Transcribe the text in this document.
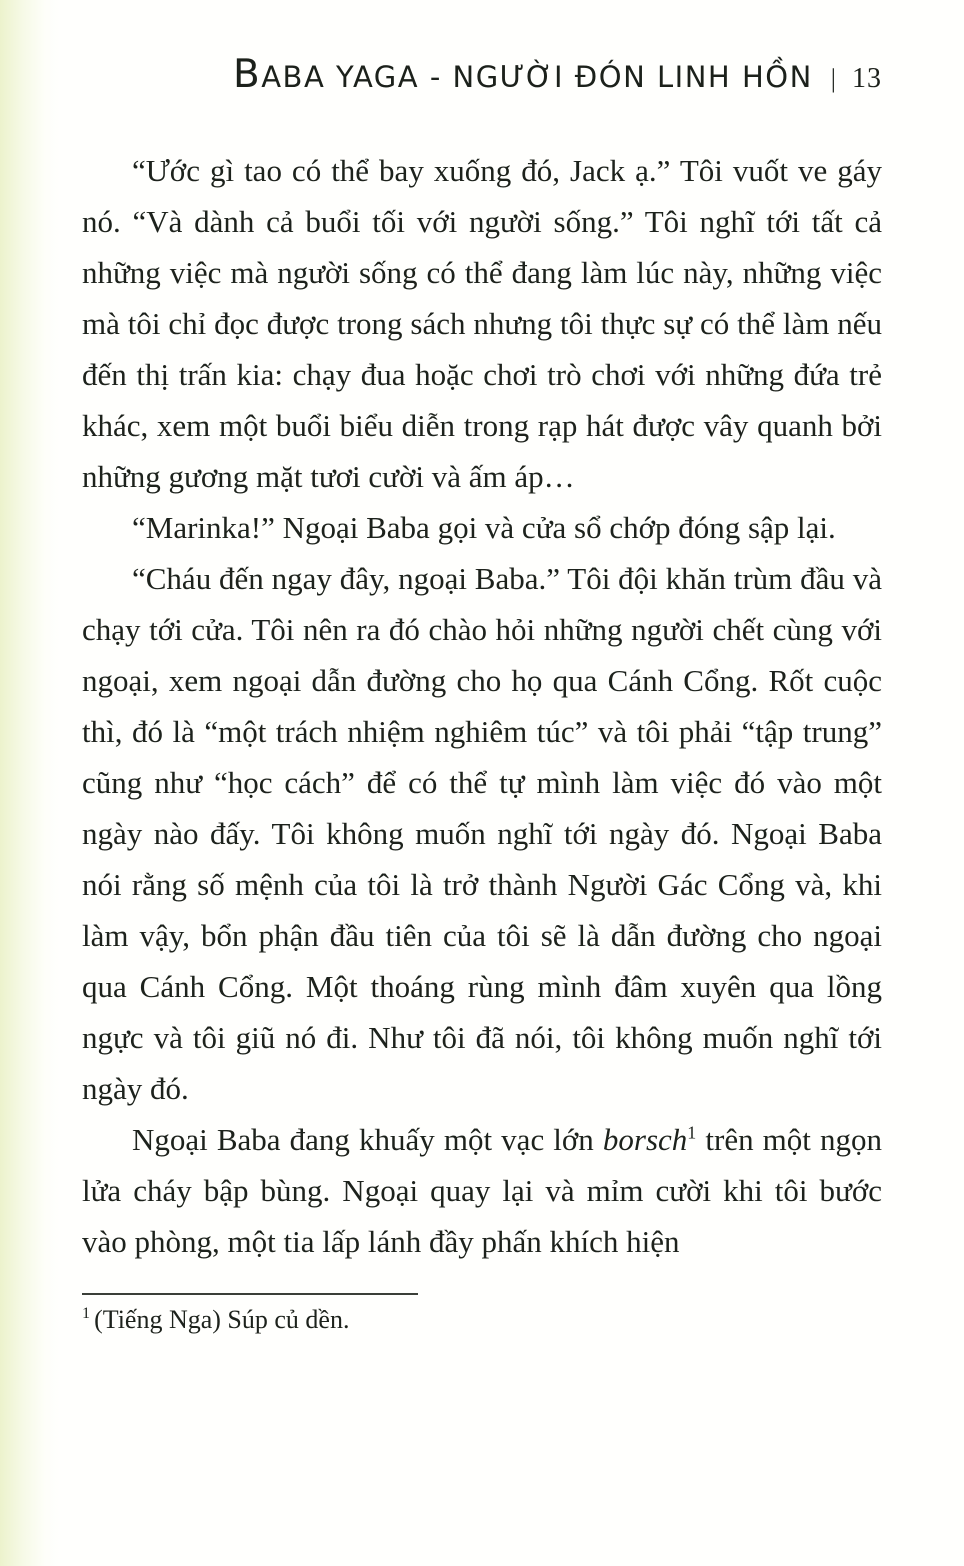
BABA YAGA - NGƯỜI ĐÓN LINH HỒN | 13

“Ước gì tao có thể bay xuống đó, Jack ạ.” Tôi vuốt ve gáy nó. “Và dành cả buổi tối với người sống.” Tôi nghĩ tới tất cả những việc mà người sống có thể đang làm lúc này, những việc mà tôi chỉ đọc được trong sách nhưng tôi thực sự có thể làm nếu đến thị trấn kia: chạy đua hoặc chơi trò chơi với những đứa trẻ khác, xem một buổi biểu diễn trong rạp hát được vây quanh bởi những gương mặt tươi cười và ấm áp…

“Marinka!” Ngoại Baba gọi và cửa sổ chớp đóng sập lại.

“Cháu đến ngay đây, ngoại Baba.” Tôi đội khăn trùm đầu và chạy tới cửa. Tôi nên ra đó chào hỏi những người chết cùng với ngoại, xem ngoại dẫn đường cho họ qua Cánh Cổng. Rốt cuộc thì, đó là “một trách nhiệm nghiêm túc” và tôi phải “tập trung” cũng như “học cách” để có thể tự mình làm việc đó vào một ngày nào đấy. Tôi không muốn nghĩ tới ngày đó. Ngoại Baba nói rằng số mệnh của tôi là trở thành Người Gác Cổng và, khi làm vậy, bổn phận đầu tiên của tôi sẽ là dẫn đường cho ngoại qua Cánh Cổng. Một thoáng rùng mình đâm xuyên qua lồng ngực và tôi giũ nó đi. Như tôi đã nói, tôi không muốn nghĩ tới ngày đó.

Ngoại Baba đang khuấy một vạc lớn borsch$^1$ trên một ngọn lửa cháy bập bùng. Ngoại quay lại và mỉm cười khi tôi bước vào phòng, một tia lấp lánh đầy phấn khích hiện

$^1$ (Tiếng Nga) Súp củ dền.
